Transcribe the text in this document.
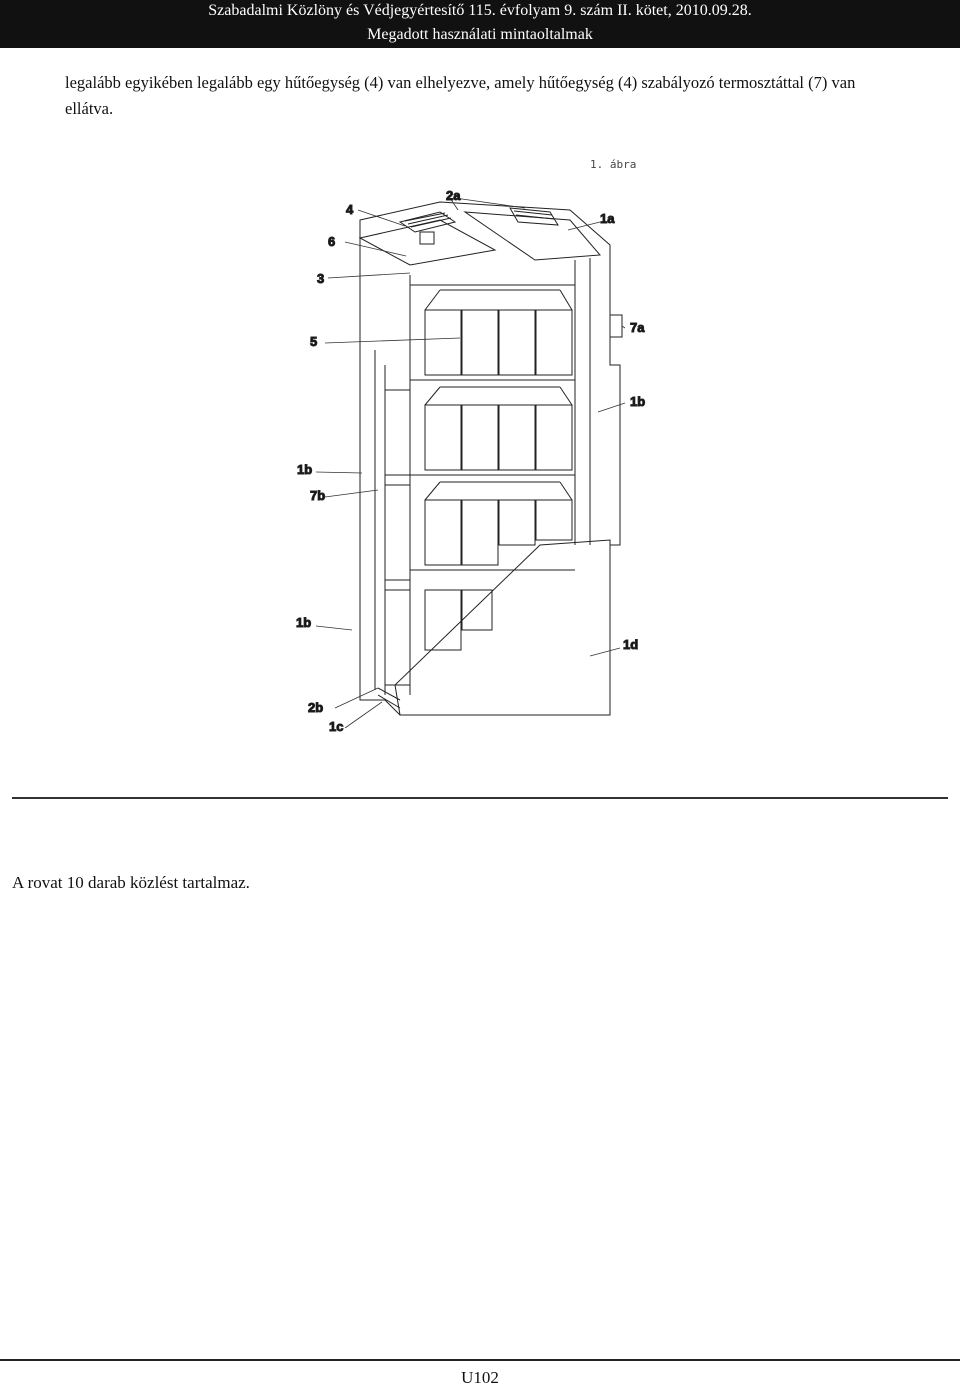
Szabadalmi Közlöny és Védjegyértesítő 115. évfolyam 9. szám II. kötet, 2010.09.28.
Megadott használati mintaoltalmak
legalább egyikében legalább egy hűtőegység (4) van elhelyezve, amely hűtőegység (4) szabályozó termosztáttal (7) van ellátva.
1. ábra
4
2a
1a
6
3
7a
5
1b
1b
7b
1b
1d
2b
1c
A rovat 10 darab közlést tartalmaz.
U102
